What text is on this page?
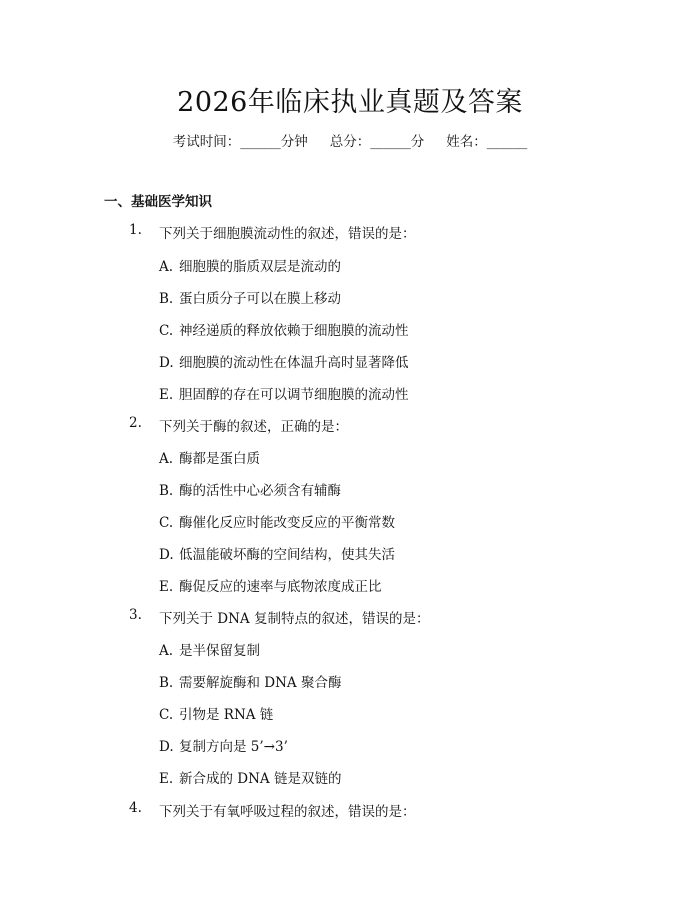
2026年临床执业真题及答案
考试时间：______分钟 总分：______分 姓名：______
一、基础医学知识
1. 下列关于细胞膜流动性的叙述，错误的是：
A. 细胞膜的脂质双层是流动的
B. 蛋白质分子可以在膜上移动
C. 神经递质的释放依赖于细胞膜的流动性
D. 细胞膜的流动性在体温升高时显著降低
E. 胆固醇的存在可以调节细胞膜的流动性
2. 下列关于酶的叙述，正确的是：
A. 酶都是蛋白质
B. 酶的活性中心必须含有辅酶
C. 酶催化反应时能改变反应的平衡常数
D. 低温能破坏酶的空间结构，使其失活
E. 酶促反应的速率与底物浓度成正比
3. 下列关于 DNA 复制特点的叙述，错误的是：
A. 是半保留复制
B. 需要解旋酶和 DNA 聚合酶
C. 引物是 RNA 链
D. 复制方向是 5’→3’
E. 新合成的 DNA 链是双链的
4. 下列关于有氧呼吸过程的叙述，错误的是：
